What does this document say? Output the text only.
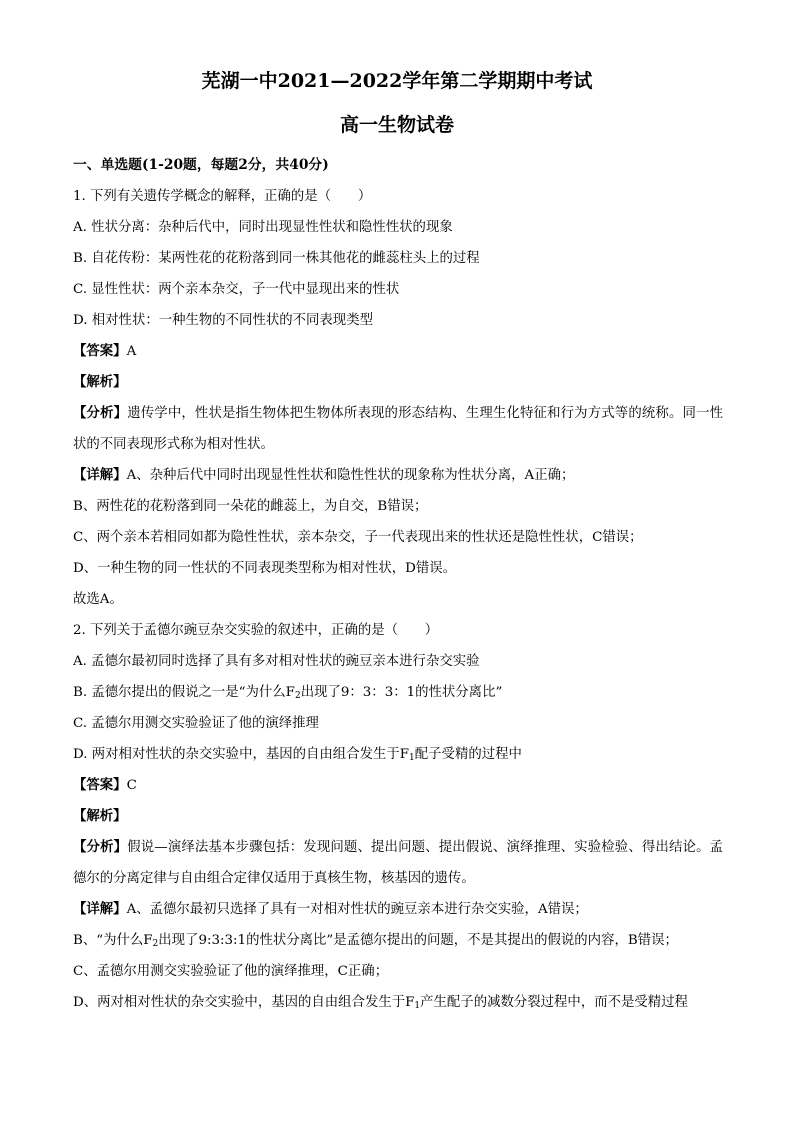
芜湖一中2021—2022学年第二学期期中考试
高一生物试卷
一、单选题(1-20题，每题2分，共40分)
1. 下列有关遗传学概念的解释，正确的是（　　）
A. 性状分离：杂种后代中，同时出现显性性状和隐性性状的现象
B. 自花传粉：某两性花的花粉落到同一株其他花的雌蕊柱头上的过程
C. 显性性状：两个亲本杂交，子一代中显现出来的性状
D. 相对性状：一种生物的不同性状的不同表现类型
【答案】A
【解析】
【分析】遗传学中，性状是指生物体把生物体所表现的形态结构、生理生化特征和行为方式等的统称。同一性状的不同表现形式称为相对性状。
【详解】A、杂种后代中同时出现显性性状和隐性性状的现象称为性状分离，A正确；
B、两性花的花粉落到同一朵花的雌蕊上，为自交，B错误；
C、两个亲本若相同如都为隐性性状，亲本杂交，子一代表现出来的性状还是隐性性状，C错误；
D、一种生物的同一性状的不同表现类型称为相对性状，D错误。
故选A。
2. 下列关于孟德尔豌豆杂交实验的叙述中，正确的是（　　）
A. 孟德尔最初同时选择了具有多对相对性状的豌豆亲本进行杂交实验
B. 孟德尔提出的假说之一是“为什么$F_2$出现了9：3：3：1的性状分离比”
C. 孟德尔用测交实验验证了他的演绎推理
D. 两对相对性状的杂交实验中，基因的自由组合发生于$F_1$配子受精的过程中
【答案】C
【解析】
【分析】假说—演绎法基本步骤包括：发现问题、提出问题、提出假说、演绎推理、实验检验、得出结论。孟德尔的分离定律与自由组合定律仅适用于真核生物，核基因的遗传。
【详解】A、孟德尔最初只选择了具有一对相对性状的豌豆亲本进行杂交实验，A错误；
B、“为什么$F_2$出现了9:3:3:1的性状分离比”是孟德尔提出的问题，不是其提出的假说的内容，B错误；
C、孟德尔用测交实验验证了他的演绎推理，C正确；
D、两对相对性状的杂交实验中，基因的自由组合发生于$F_1$产生配子的减数分裂过程中，而不是受精过程
